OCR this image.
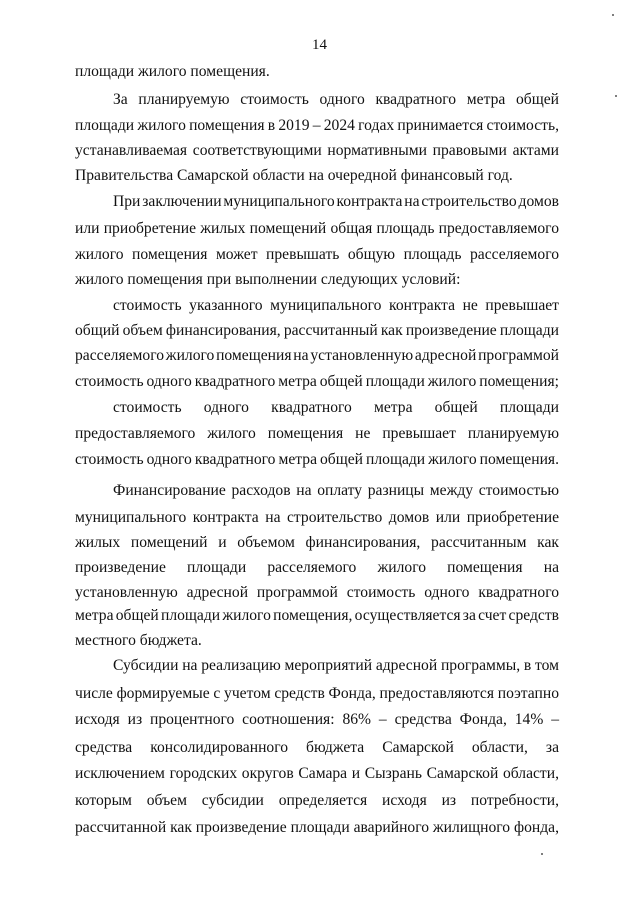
14
площади жилого помещения.
За планируемую стоимость одного квадратного метра общей
площади жилого помещения в 2019 – 2024 годах принимается стоимость,
устанавливаемая соответствующими нормативными правовыми актами
Правительства Самарской области на очередной финансовый год.
При заключении муниципального контракта на строительство домов
или приобретение жилых помещений общая площадь предоставляемого
жилого помещения может превышать общую площадь расселяемого
жилого помещения при выполнении следующих условий:
стоимость указанного муниципального контракта не превышает
общий объем финансирования, рассчитанный как произведение площади
расселяемого жилого помещения на установленную адресной программой
стоимость одного квадратного метра общей площади жилого помещения;
стоимость одного квадратного метра общей площади
предоставляемого жилого помещения не превышает планируемую
стоимость одного квадратного метра общей площади жилого помещения.
Финансирование расходов на оплату разницы между стоимостью
муниципального контракта на строительство домов или приобретение
жилых помещений и объемом финансирования, рассчитанным как
произведение площади расселяемого жилого помещения на
установленную адресной программой стоимость одного квадратного
метра общей площади жилого помещения, осуществляется за счет средств
местного бюджета.
Субсидии на реализацию мероприятий адресной программы, в том
числе формируемые с учетом средств Фонда, предоставляются поэтапно
исходя из процентного соотношения: 86% – средства Фонда, 14% –
средства консолидированного бюджета Самарской области, за
исключением городских округов Самара и Сызрань Самарской области,
которым объем субсидии определяется исходя из потребности,
рассчитанной как произведение площади аварийного жилищного фонда,
